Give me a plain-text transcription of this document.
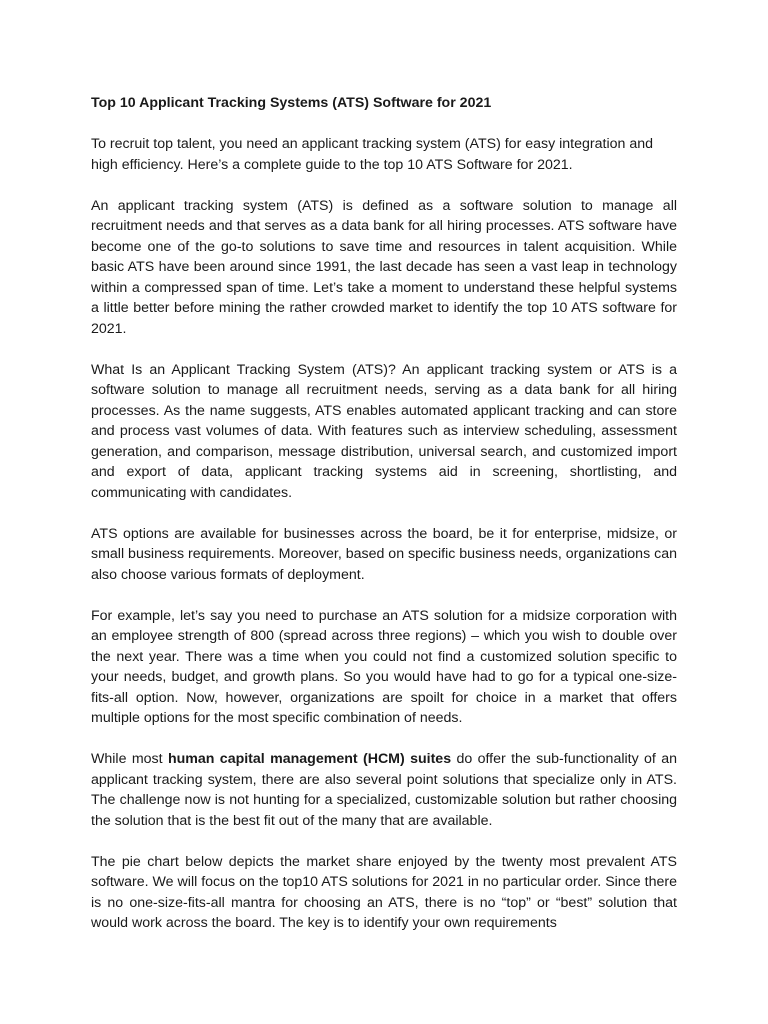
Top 10 Applicant Tracking Systems (ATS) Software for 2021

To recruit top talent, you need an applicant tracking system (ATS) for easy integration and high efficiency. Here’s a complete guide to the top 10 ATS Software for 2021.

An applicant tracking system (ATS) is defined as a software solution to manage all recruitment needs and that serves as a data bank for all hiring processes. ATS software have become one of the go-to solutions to save time and resources in talent acquisition. While basic ATS have been around since 1991, the last decade has seen a vast leap in technology within a compressed span of time. Let’s take a moment to understand these helpful systems a little better before mining the rather crowded market to identify the top 10 ATS software for 2021.

What Is an Applicant Tracking System (ATS)? An applicant tracking system or ATS is a software solution to manage all recruitment needs, serving as a data bank for all hiring processes. As the name suggests, ATS enables automated applicant tracking and can store and process vast volumes of data. With features such as interview scheduling, assessment generation, and comparison, message distribution, universal search, and customized import and export of data, applicant tracking systems aid in screening, shortlisting, and communicating with candidates.

ATS options are available for businesses across the board, be it for enterprise, midsize, or small business requirements. Moreover, based on specific business needs, organizations can also choose various formats of deployment.

For example, let’s say you need to purchase an ATS solution for a midsize corporation with an employee strength of 800 (spread across three regions) – which you wish to double over the next year. There was a time when you could not find a customized solution specific to your needs, budget, and growth plans. So you would have had to go for a typical one-size-fits-all option. Now, however, organizations are spoilt for choice in a market that offers multiple options for the most specific combination of needs.

While most human capital management (HCM) suites do offer the sub-functionality of an applicant tracking system, there are also several point solutions that specialize only in ATS. The challenge now is not hunting for a specialized, customizable solution but rather choosing the solution that is the best fit out of the many that are available.

The pie chart below depicts the market share enjoyed by the twenty most prevalent ATS software. We will focus on the top10 ATS solutions for 2021 in no particular order. Since there is no one-size-fits-all mantra for choosing an ATS, there is no “top” or “best” solution that would work across the board. The key is to identify your own requirements
